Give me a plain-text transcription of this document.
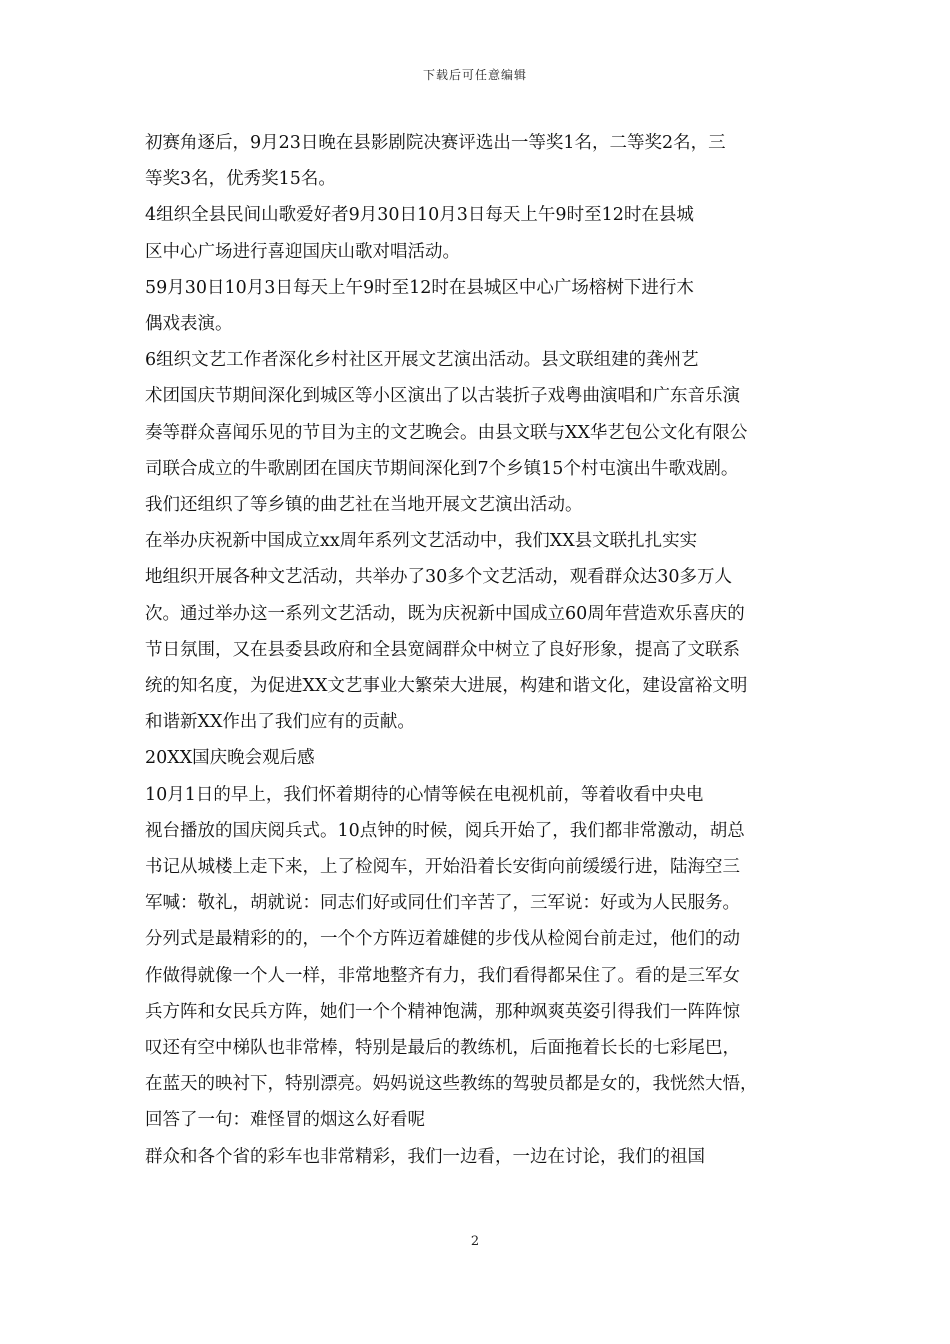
下载后可任意编辑

初赛角逐后，9月23日晚在县影剧院决赛评选出一等奖1名，二等奖2名，三
等奖3名，优秀奖15名。

4组织全县民间山歌爱好者9月30日10月3日每天上午9时至12时在县城
区中心广场进行喜迎国庆山歌对唱活动。

59月30日10月3日每天上午9时至12时在县城区中心广场榕树下进行木
偶戏表演。

6组织文艺工作者深化乡村社区开展文艺演出活动。县文联组建的龚州艺
术团国庆节期间深化到城区等小区演出了以古装折子戏粤曲演唱和广东音乐演
奏等群众喜闻乐见的节目为主的文艺晚会。由县文联与XX华艺包公文化有限公
司联合成立的牛歌剧团在国庆节期间深化到7个乡镇15个村屯演出牛歌戏剧。
我们还组织了等乡镇的曲艺社在当地开展文艺演出活动。

在举办庆祝新中国成立xx周年系列文艺活动中，我们XX县文联扎扎实实
地组织开展各种文艺活动，共举办了30多个文艺活动，观看群众达30多万人
次。通过举办这一系列文艺活动，既为庆祝新中国成立60周年营造欢乐喜庆的
节日氛围，又在县委县政府和全县宽阔群众中树立了良好形象，提高了文联系
统的知名度，为促进XX文艺事业大繁荣大进展，构建和谐文化，建设富裕文明
和谐新XX作出了我们应有的贡献。

20XX国庆晚会观后感

10月1日的早上，我们怀着期待的心情等候在电视机前，等着收看中央电
视台播放的国庆阅兵式。10点钟的时候，阅兵开始了，我们都非常激动，胡总
书记从城楼上走下来，上了检阅车，开始沿着长安街向前缓缓行进，陆海空三
军喊：敬礼，胡就说：同志们好或同仕们辛苦了，三军说：好或为人民服务。
分列式是最精彩的的，一个个方阵迈着雄健的步伐从检阅台前走过，他们的动
作做得就像一个人一样，非常地整齐有力，我们看得都呆住了。看的是三军女
兵方阵和女民兵方阵，她们一个个精神饱满，那种飒爽英姿引得我们一阵阵惊
叹还有空中梯队也非常棒，特别是最后的教练机，后面拖着长长的七彩尾巴，
在蓝天的映衬下，特别漂亮。妈妈说这些教练的驾驶员都是女的，我恍然大悟，
回答了一句：难怪冒的烟这么好看呢

群众和各个省的彩车也非常精彩，我们一边看，一边在讨论，我们的祖国

2
